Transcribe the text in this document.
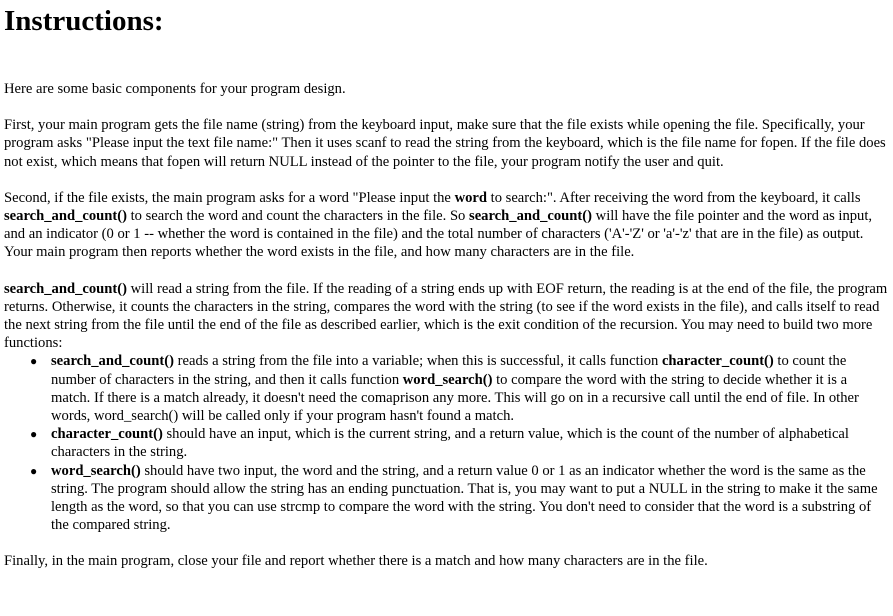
Instructions:

Here are some basic components for your program design.

First, your main program gets the file name (string) from the keyboard input, make sure that the file exists while opening the file. Specifically, your program asks "Please input the text file name:" Then it uses scanf to read the string from the keyboard, which is the file name for fopen. If the file does not exist, which means that fopen will return NULL instead of the pointer to the file, your program notify the user and quit.

Second, if the file exists, the main program asks for a word "Please input the word to search:". After receiving the word from the keyboard, it calls search_and_count() to search the word and count the characters in the file. So search_and_count() will have the file pointer and the word as input, and an indicator (0 or 1 -- whether the word is contained in the file) and the total number of characters ('A'-'Z' or 'a'-'z' that are in the file) as output. Your main program then reports whether the word exists in the file, and how many characters are in the file.

search_and_count() will read a string from the file. If the reading of a string ends up with EOF return, the reading is at the end of the file, the program returns. Otherwise, it counts the characters in the string, compares the word with the string (to see if the word exists in the file), and calls itself to read the next string from the file until the end of the file as described earlier, which is the exit condition of the recursion. You may need to build two more functions:

● search_and_count() reads a string from the file into a variable; when this is successful, it calls function character_count() to count the number of characters in the string, and then it calls function word_search() to compare the word with the string to decide whether it is a match. If there is a match already, it doesn't need the comaprison any more. This will go on in a recursive call until the end of file. In other words, word_search() will be called only if your program hasn't found a match.
● character_count() should have an input, which is the current string, and a return value, which is the count of the number of alphabetical characters in the string.
● word_search() should have two input, the word and the string, and a return value 0 or 1 as an indicator whether the word is the same as the string. The program should allow the string has an ending punctuation. That is, you may want to put a NULL in the string to make it the same length as the word, so that you can use strcmp to compare the word with the string. You don't need to consider that the word is a substring of the compared string.

Finally, in the main program, close your file and report whether there is a match and how many characters are in the file.
